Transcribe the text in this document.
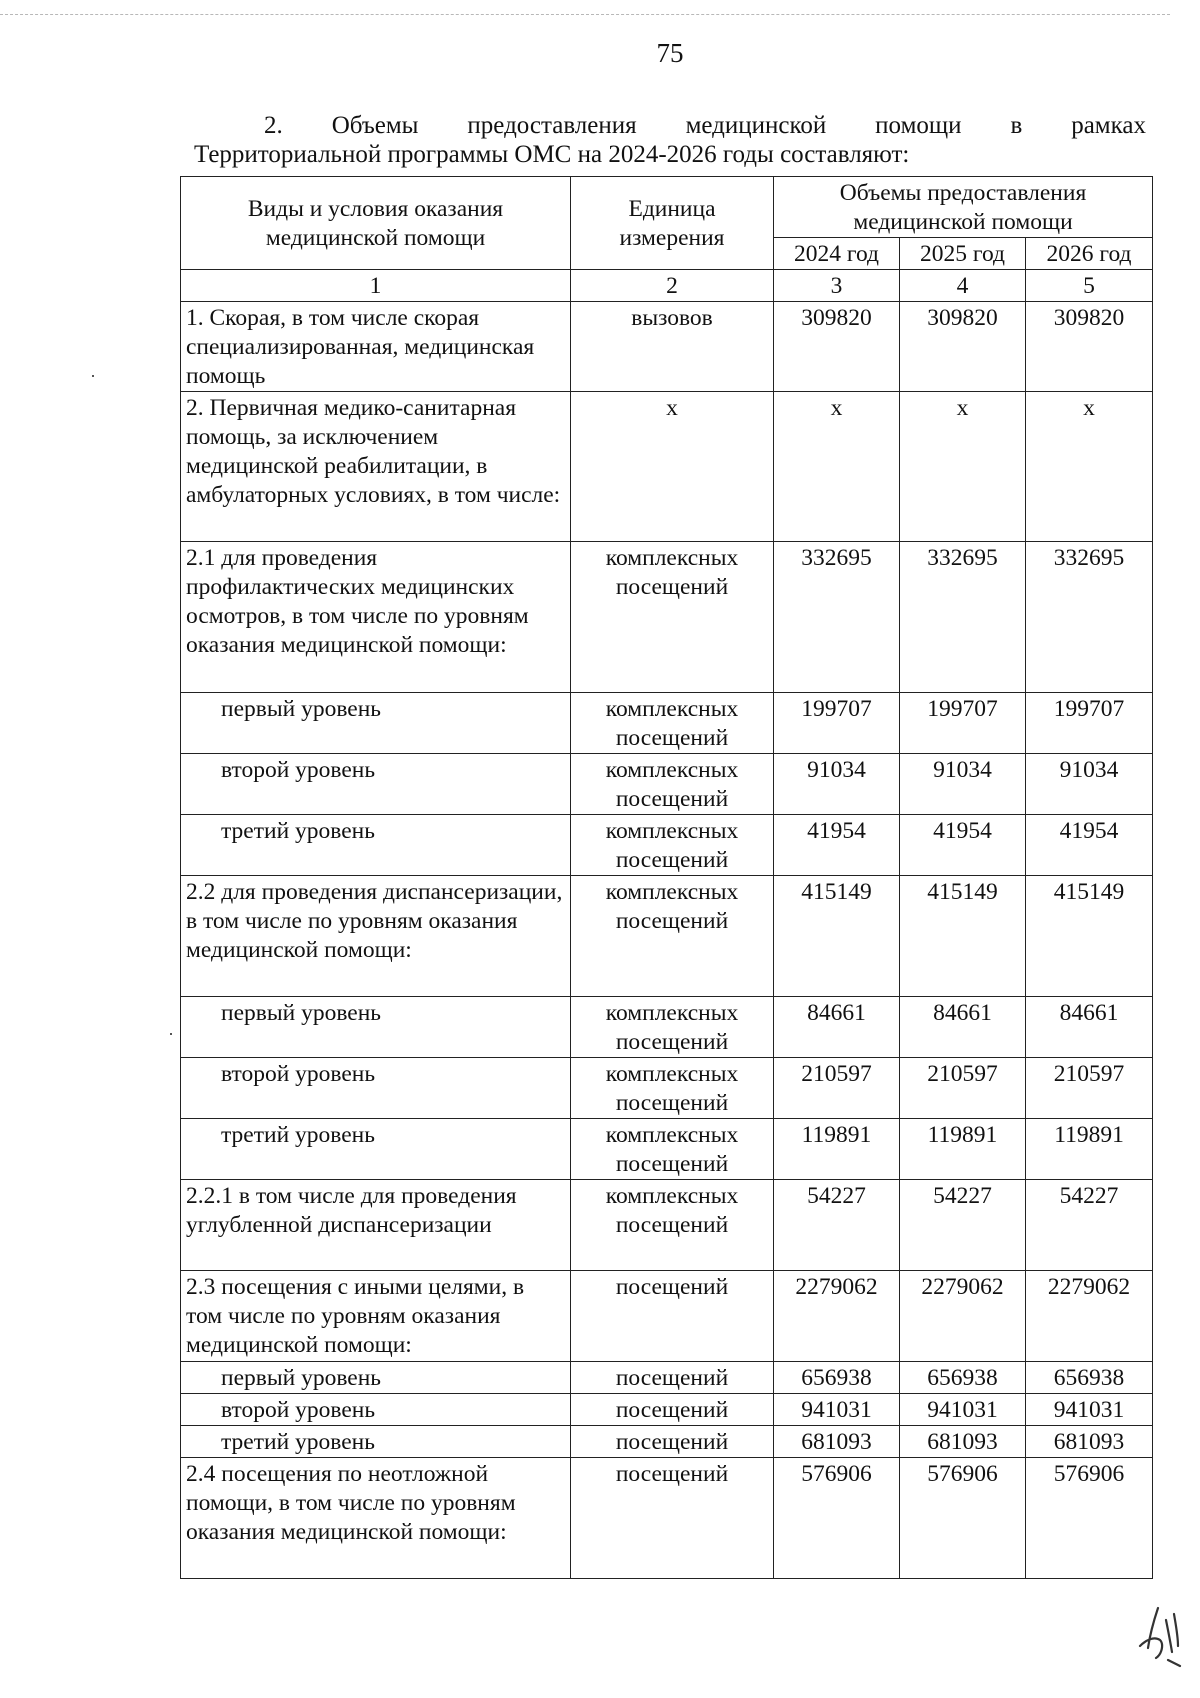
75
2. Объемы предоставления медицинской помощи в рамках
Территориальной программы ОМС на 2024-2026 годы составляют:
Виды и условия оказания медицинской помощи	Единица измерения	Объемы предоставления медицинской помощи		
		2024 год	2025 год	2026 год
1	2	3	4	5
1. Скорая, в том числе скорая специализированная, медицинская помощь	вызовов	309820	309820	309820
2. Первичная медико-санитарная помощь, за исключением медицинской реабилитации, в амбулаторных условиях, в том числе:	х	х	х	х
2.1 для проведения профилактических медицинских осмотров, в том числе по уровням оказания медицинской помощи:	комплексных посещений	332695	332695	332695
первый уровень	комплексных посещений	199707	199707	199707
второй уровень	комплексных посещений	91034	91034	91034
третий уровень	комплексных посещений	41954	41954	41954
2.2 для проведения диспансеризации, в том числе по уровням оказания медицинской помощи:	комплексных посещений	415149	415149	415149
первый уровень	комплексных посещений	84661	84661	84661
второй уровень	комплексных посещений	210597	210597	210597
третий уровень	комплексных посещений	119891	119891	119891
2.2.1 в том числе для проведения углубленной диспансеризации	комплексных посещений	54227	54227	54227
2.3 посещения с иными целями, в том числе по уровням оказания медицинской помощи:	посещений	2279062	2279062	2279062
первый уровень	посещений	656938	656938	656938
второй уровень	посещений	941031	941031	941031
третий уровень	посещений	681093	681093	681093
2.4 посещения по неотложной помощи, в том числе по уровням оказания медицинской помощи:	посещений	576906	576906	576906
